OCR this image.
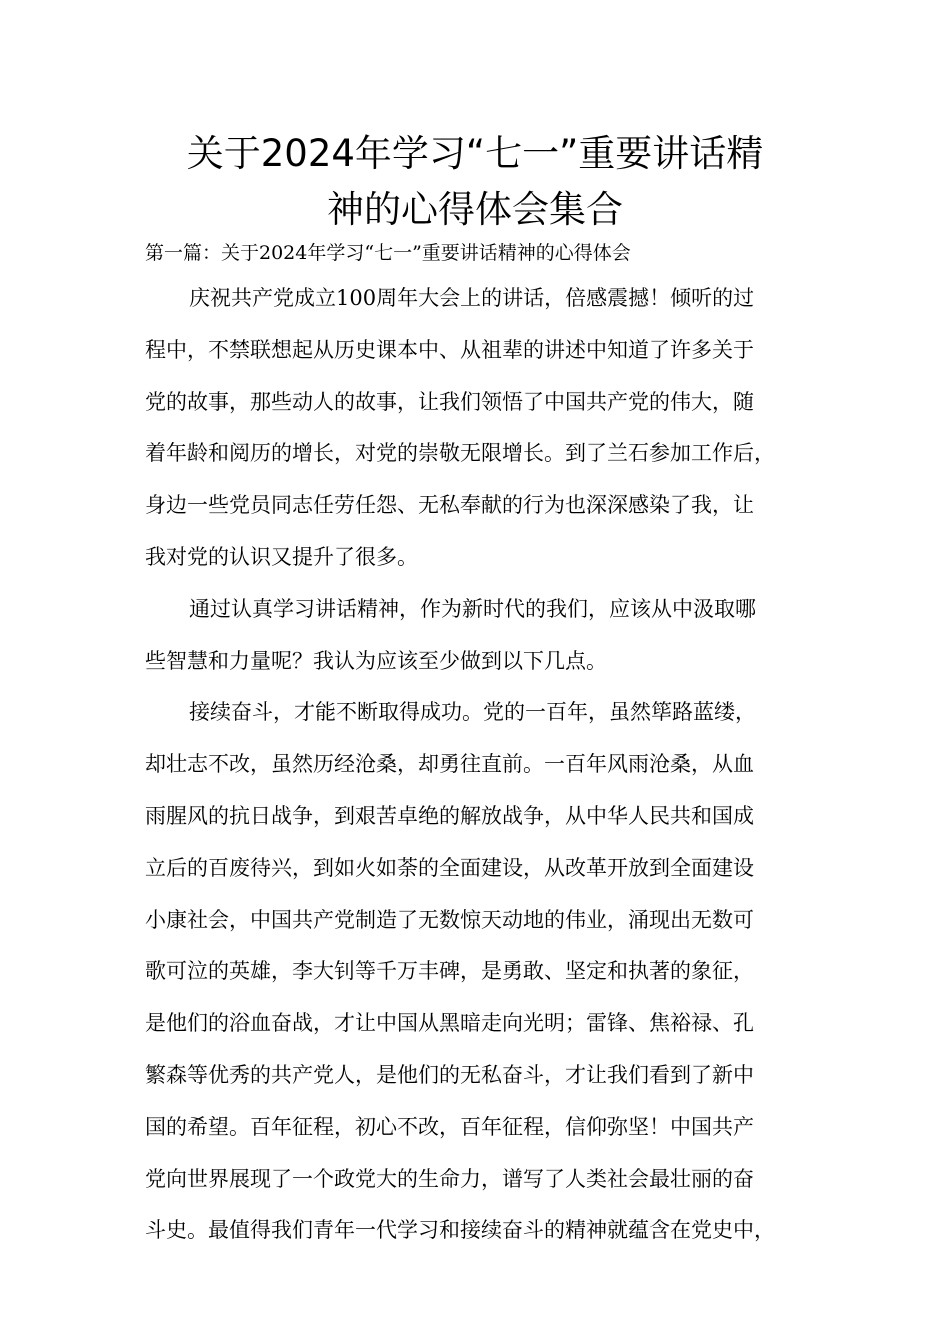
关于2024年学习“七一”重要讲话精
神的心得体会集合

第一篇：关于2024年学习“七一”重要讲话精神的心得体会

庆祝共产党成立100周年大会上的讲话，倍感震撼！倾听的过
程中，不禁联想起从历史课本中、从祖辈的讲述中知道了许多关于
党的故事，那些动人的故事，让我们领悟了中国共产党的伟大，随
着年龄和阅历的增长，对党的崇敬无限增长。到了兰石参加工作后，
身边一些党员同志任劳任怨、无私奉献的行为也深深感染了我，让
我对党的认识又提升了很多。
通过认真学习讲话精神，作为新时代的我们，应该从中汲取哪
些智慧和力量呢？我认为应该至少做到以下几点。
接续奋斗，才能不断取得成功。党的一百年，虽然筚路蓝缕，
却壮志不改，虽然历经沧桑，却勇往直前。一百年风雨沧桑，从血
雨腥风的抗日战争，到艰苦卓绝的解放战争，从中华人民共和国成
立后的百废待兴，到如火如荼的全面建设，从改革开放到全面建设
小康社会，中国共产党制造了无数惊天动地的伟业，涌现出无数可
歌可泣的英雄，李大钊等千万丰碑，是勇敢、坚定和执著的象征，
是他们的浴血奋战，才让中国从黑暗走向光明；雷锋、焦裕禄、孔
繁森等优秀的共产党人，是他们的无私奋斗，才让我们看到了新中
国的希望。百年征程，初心不改，百年征程，信仰弥坚！中国共产
党向世界展现了一个政党大的生命力，谱写了人类社会最壮丽的奋
斗史。最值得我们青年一代学习和接续奋斗的精神就蕴含在党史中，
